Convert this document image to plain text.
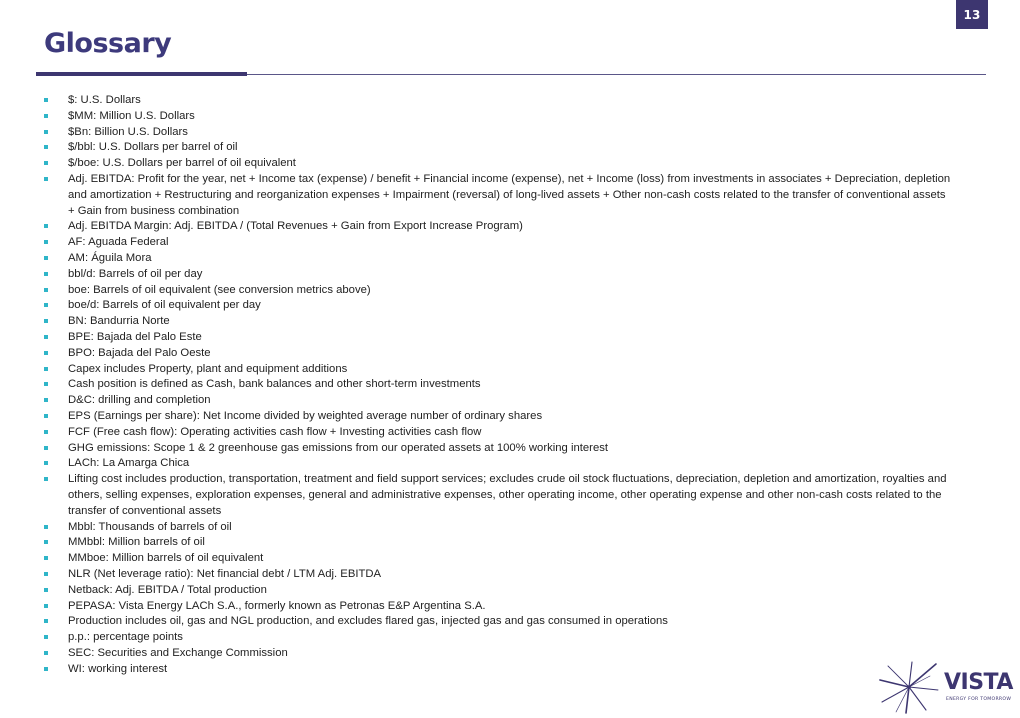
13
Glossary
$: U.S. Dollars
$MM: Million U.S. Dollars
$Bn: Billion U.S. Dollars
$/bbl: U.S. Dollars per barrel of oil
$/boe: U.S. Dollars per barrel of oil equivalent
Adj. EBITDA: Profit for the year, net + Income tax (expense) / benefit + Financial income (expense), net + Income (loss) from investments in associates + Depreciation, depletion and amortization + Restructuring and reorganization expenses + Impairment (reversal) of long-lived assets + Other non-cash costs related to the transfer of conventional assets + Gain from business combination
Adj. EBITDA Margin: Adj. EBITDA / (Total Revenues + Gain from Export Increase Program)
AF: Aguada Federal
AM: Águila Mora
bbl/d: Barrels of oil per day
boe: Barrels of oil equivalent (see conversion metrics above)
boe/d: Barrels of oil equivalent per day
BN: Bandurria Norte
BPE: Bajada del Palo Este
BPO: Bajada del Palo Oeste
Capex includes Property, plant and equipment additions
Cash position is defined as Cash, bank balances and other short-term investments
D&C: drilling and completion
EPS (Earnings per share): Net Income divided by weighted average number of ordinary shares
FCF (Free cash flow): Operating activities cash flow + Investing activities cash flow
GHG emissions: Scope 1 & 2 greenhouse gas emissions from our operated assets at 100% working interest
LACh: La Amarga Chica
Lifting cost includes production, transportation, treatment and field support services; excludes crude oil stock fluctuations, depreciation, depletion and amortization, royalties and others, selling expenses, exploration expenses, general and administrative expenses, other operating income, other operating expense and other non-cash costs related to the transfer of conventional assets
Mbbl: Thousands of barrels of oil
MMbbl: Million barrels of oil
MMboe: Million barrels of oil equivalent
NLR (Net leverage ratio): Net financial debt / LTM Adj. EBITDA
Netback: Adj. EBITDA / Total production
PEPASA: Vista Energy LACh S.A., formerly known as Petronas E&P Argentina S.A.
Production includes oil, gas and NGL production, and excludes flared gas, injected gas and gas consumed in operations
p.p.: percentage points
SEC: Securities and Exchange Commission
WI: working interest
VISTA
ENERGY FOR TOMORROW
